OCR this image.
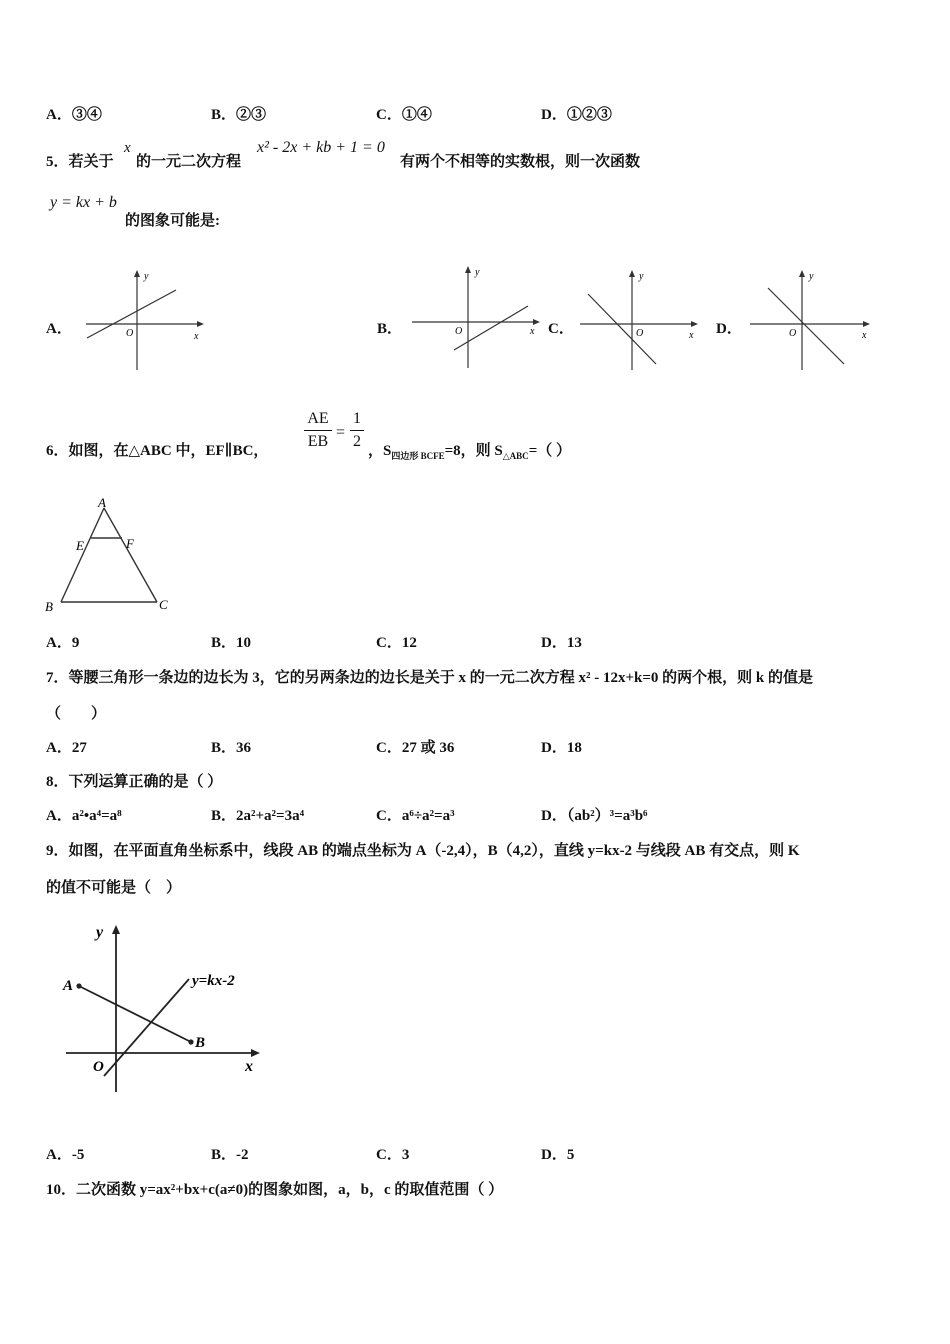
A．③④	B．②③	C．①④	D．①②③
5．若关于
x
的一元二次方程
x² - 2x + kb + 1 = 0
有两个不相等的实数根，则一次函数
y = kx + b
的图象可能是:
A．	B．	C．	D．
y
x
O
y
x
O
y
x
O
y
x
O
6．如图，在△ABC 中，EF∥BC，
AE
EB
=
1
2
，$S_{四边形 BCFE}=8$，则 $S_{\triangle ABC}=$（ ）
A
E	F
B	C
A．9	B．10	C．12	D．13
7．等腰三角形一条边的边长为 3，它的另两条边的边长是关于 x 的一元二次方程 x² - 12x+k=0 的两个根，则 k 的值是
（　　）
A．27	B．36	C．27 或 36	D．18
8．下列运算正确的是（ ）
A．a²•a⁴=a⁸	B．2a²+a²=3a⁴	C．a⁶÷a²=a³	D．（ab²）³=a³b⁶
9．如图，在平面直角坐标系中，线段 AB 的端点坐标为 A（-2,4），B（4,2），直线 y=kx-2 与线段 AB 有交点，则 K
的值不可能是（　）
y
x
A
B
O
y=kx-2
A．-5	B．-2	C．3	D．5
10．二次函数 y=ax²+bx+c(a≠0)的图象如图，a，b，c 的取值范围（ ）
